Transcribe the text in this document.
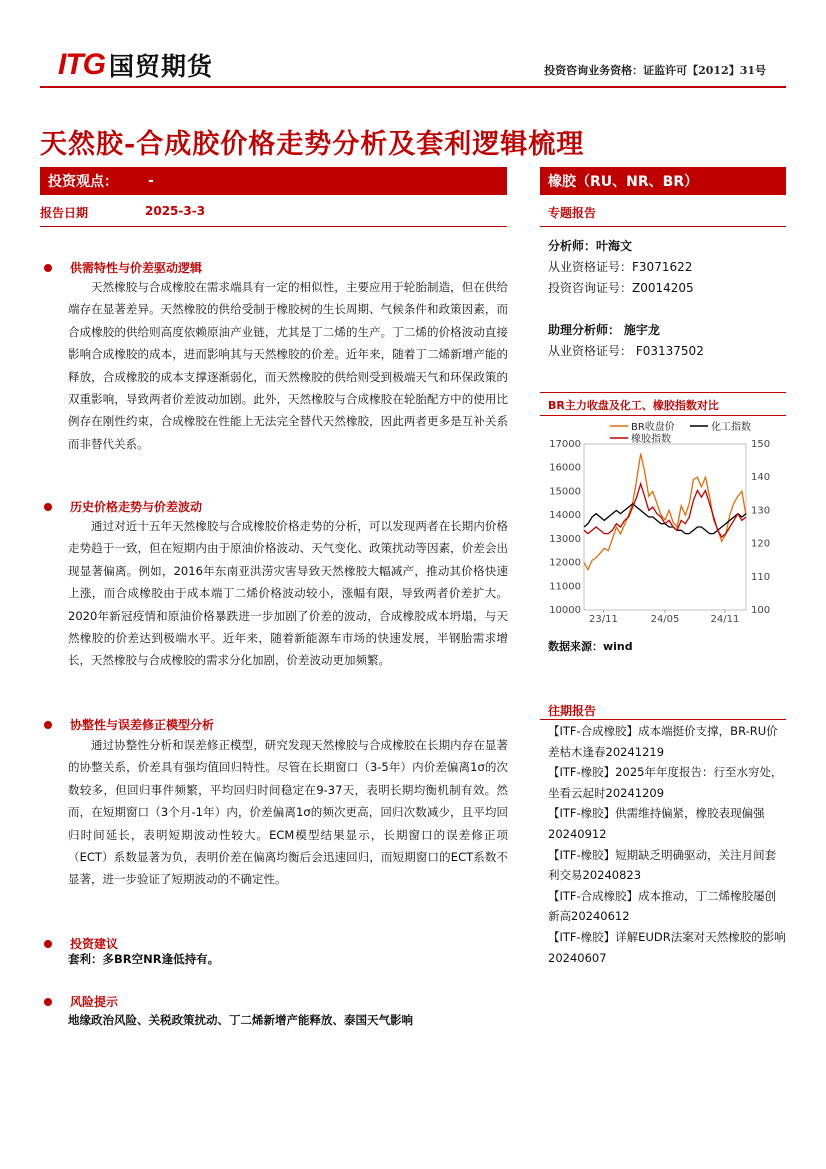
ITG 国贸期货	投资咨询业务资格：证监许可【2012】31号
天然胶-合成胶价格走势分析及套利逻辑梳理
投资观点： -	橡胶（RU、NR、BR）
报告日期	2025-3-3	专题报告
供需特性与价差驱动逻辑

天然橡胶与合成橡胶在需求端具有一定的相似性，主要应用于轮胎制造，但在供给端存在显著差异。天然橡胶的供给受制于橡胶树的生长周期、气候条件和政策因素，而合成橡胶的供给则高度依赖原油产业链，尤其是丁二烯的生产。丁二烯的价格波动直接影响合成橡胶的成本，进而影响其与天然橡胶的价差。近年来，随着丁二烯新增产能的释放，合成橡胶的成本支撑逐渐弱化，而天然橡胶的供给则受到极端天气和环保政策的双重影响，导致两者价差波动加剧。此外，天然橡胶与合成橡胶在轮胎配方中的使用比例存在刚性约束，合成橡胶在性能上无法完全替代天然橡胶，因此两者更多是互补关系而非替代关系。

历史价格走势与价差波动

通过对近十五年天然橡胶与合成橡胶价格走势的分析，可以发现两者在长期内价格走势趋于一致，但在短期内由于原油价格波动、天气变化、政策扰动等因素，价差会出现显著偏离。例如，2016年东南亚洪涝灾害导致天然橡胶大幅减产，推动其价格快速上涨，而合成橡胶由于成本端丁二烯价格波动较小，涨幅有限，导致两者价差扩大。2020年新冠疫情和原油价格暴跌进一步加剧了价差的波动，合成橡胶成本坍塌，与天然橡胶的价差达到极端水平。近年来，随着新能源车市场的快速发展，半钢胎需求增长，天然橡胶与合成橡胶的需求分化加剧，价差波动更加频繁。

协整性与误差修正模型分析

通过协整性分析和误差修正模型，研究发现天然橡胶与合成橡胶在长期内存在显著的协整关系，价差具有强均值回归特性。尽管在长期窗口（3-5年）内价差偏离1σ的次数较多，但回归事件频繁，平均回归时间稳定在9-37天，表明长期均衡机制有效。然而，在短期窗口（3个月-1年）内，价差偏离1σ的频次更高，回归次数减少，且平均回归时间延长，表明短期波动性较大。ECM模型结果显示，长期窗口的误差修正项（ECT）系数显著为负，表明价差在偏离均衡后会迅速回归，而短期窗口的ECT系数不显著，进一步验证了短期波动的不确定性。

投资建议
套利：多BR空NR逢低持有。
风险提示
地缘政治风险、关税政策扰动、丁二烯新增产能释放、泰国天气影响
分析师：叶海文
从业资格证号：F3071622
投资咨询证号：Z0014205
助理分析师： 施宇龙
从业资格证号： F03137502
BR主力收盘及化工、橡胶指数对比
10000
11000
12000
13000
14000
15000
16000
17000
100
110
120
130
140
150
23/11	24/05	24/11
BR收盘价	化工指数
橡胶指数
数据来源：wind
往期报告
【ITF-合成橡胶】成本端挺价支撑，BR-RU价差枯木逢春20241219
【ITF-橡胶】2025年年度报告：行至水穷处，坐看云起时20241209
【ITF-橡胶】供需维持偏紧，橡胶表现偏强20240912
【ITF-橡胶】短期缺乏明确驱动，关注月间套利交易20240823
【ITF-合成橡胶】成本推动，丁二烯橡胶屡创新高20240612
【ITF-橡胶】详解EUDR法案对天然橡胶的影响20240607
